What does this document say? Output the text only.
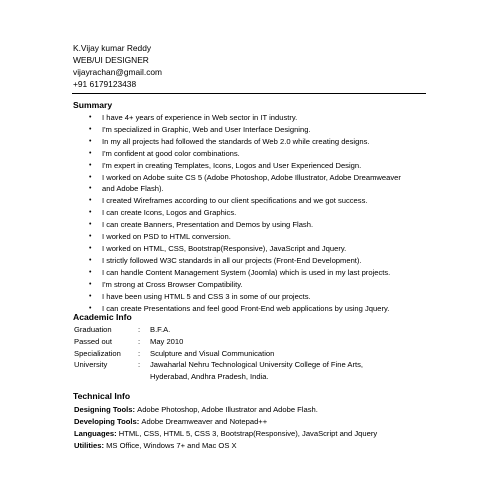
K.Vijay kumar Reddy
WEB/UI DESIGNER
vijayrachan@gmail.com
+91 6179123438
Summary
• I have 4+ years of experience in Web sector in IT industry.
• I'm specialized in Graphic, Web and User Interface Designing.
• In my all projects had followed the standards of Web 2.0 while creating designs.
• I'm confident at good color combinations.
• I'm expert in creating Templates, Icons, Logos and User Experienced Design.
• I worked on Adobe suite CS 5 (Adobe Photoshop, Adobe Illustrator, Adobe Dreamweaver
• and Adobe Flash).
• I created Wireframes according to our client specifications and we got success.
• I can create Icons, Logos and Graphics.
• I can create Banners, Presentation and Demos by using Flash.
• I worked on PSD to HTML conversion.
• I worked on HTML, CSS, Bootstrap(Responsive), JavaScript and Jquery.
• I strictly followed W3C standards in all our projects (Front-End Development).
• I can handle Content Management System (Joomla) which is used in my last projects.
• I'm strong at Cross Browser Compatibility.
• I have been using HTML 5 and CSS 3 in some of our projects.
• I can create Presentations and feel good Front-End web applications by using Jquery.
Academic Info
Graduation	: B.F.A.
Passed out	: May 2010
Specialization	: Sculpture and Visual Communication
University	: Jawaharlal Nehru Technological University College of Fine Arts,
Hyderabad, Andhra Pradesh, India.
Technical Info
Designing Tools: Adobe Photoshop, Adobe Illustrator and Adobe Flash.
Developing Tools: Adobe Dreamweaver and Notepad++
Languages: HTML, CSS, HTML 5, CSS 3, Bootstrap(Responsive), JavaScript and Jquery
Utilities: MS Office, Windows 7+ and Mac OS X
